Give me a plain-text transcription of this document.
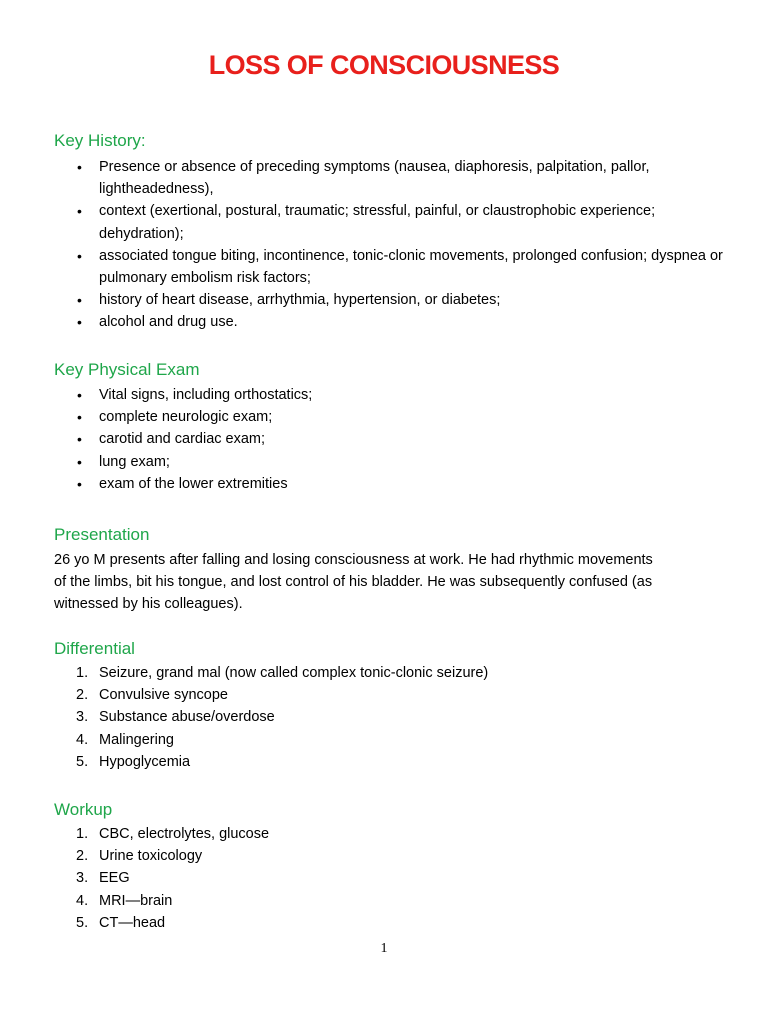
LOSS OF CONSCIOUSNESS
Key History:
• Presence or absence of preceding symptoms (nausea, diaphoresis, palpitation, pallor, lightheadedness),
• context (exertional, postural, traumatic; stressful, painful, or claustrophobic experience; dehydration);
• associated tongue biting, incontinence, tonic-clonic movements, prolonged confusion; dyspnea or pulmonary embolism risk factors;
• history of heart disease, arrhythmia, hypertension, or diabetes;
• alcohol and drug use.
Key Physical Exam
• Vital signs, including orthostatics;
• complete neurologic exam;
• carotid and cardiac exam;
• lung exam;
• exam of the lower extremities
Presentation

26 yo M presents after falling and losing consciousness at work. He had rhythmic movements of the limbs, bit his tongue, and lost control of his bladder. He was subsequently confused (as witnessed by his colleagues).

Differential
1. Seizure, grand mal (now called complex tonic-clonic seizure)
2. Convulsive syncope
3. Substance abuse/overdose
4. Malingering
5. Hypoglycemia
Workup
1. CBC, electrolytes, glucose
2. Urine toxicology
3. EEG
4. MRI—brain
5. CT—head
1
